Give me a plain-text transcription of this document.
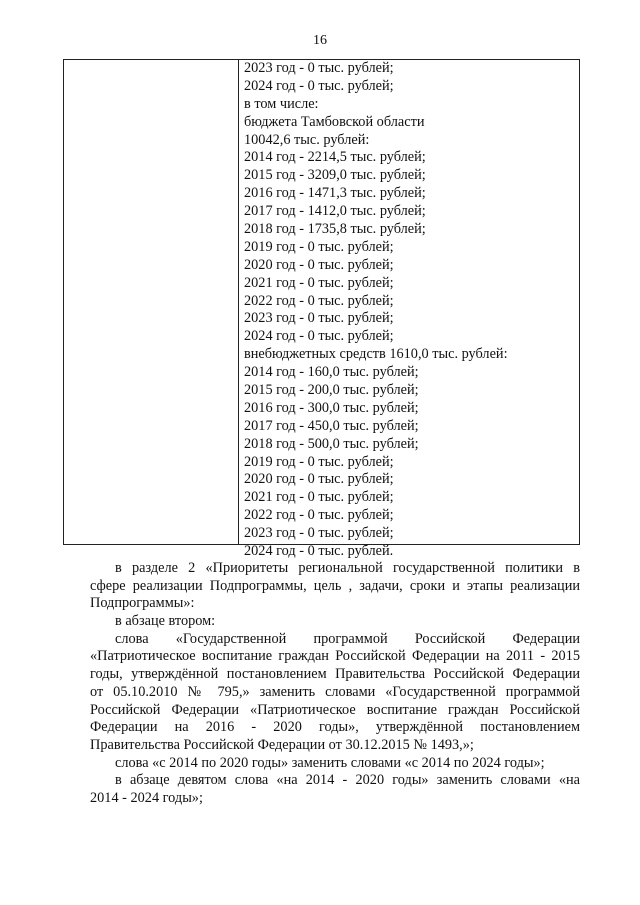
16
2023 год - 0 тыс. рублей;
2024 год - 0 тыс. рублей;
в том числе:
бюджета Тамбовской области
10042,6 тыс. рублей:
2014 год - 2214,5 тыс. рублей;
2015 год - 3209,0 тыс. рублей;
2016 год - 1471,3 тыс. рублей;
2017 год - 1412,0 тыс. рублей;
2018 год - 1735,8 тыс. рублей;
2019 год - 0 тыс. рублей;
2020 год - 0 тыс. рублей;
2021 год - 0 тыс. рублей;
2022 год - 0 тыс. рублей;
2023 год - 0 тыс. рублей;
2024 год - 0 тыс. рублей;
внебюджетных средств 1610,0 тыс. рублей:
2014 год - 160,0 тыс. рублей;
2015 год - 200,0 тыс. рублей;
2016 год - 300,0 тыс. рублей;
2017 год - 450,0 тыс. рублей;
2018 год - 500,0 тыс. рублей;
2019 год - 0 тыс. рублей;
2020 год - 0 тыс. рублей;
2021 год - 0 тыс. рублей;
2022 год - 0 тыс. рублей;
2023 год - 0 тыс. рублей;
2024 год - 0 тыс. рублей.
в разделе 2 «Приоритеты региональной государственной политики в
сфере реализации Подпрограммы, цель , задачи, сроки и этапы реализации
Подпрограммы»:
в абзаце втором:
слова «Государственной программой Российской Федерации
«Патриотическое воспитание граждан Российской Федерации на 2011 - 2015
годы, утверждённой постановлением Правительства Российской Федерации
от 05.10.2010 № 795,» заменить словами «Государственной программой
Российской Федерации «Патриотическое воспитание граждан Российской
Федерации на 2016 - 2020 годы», утверждённой постановлением
Правительства Российской Федерации от 30.12.2015 № 1493,»;
слова «с 2014 по 2020 годы» заменить словами «с 2014 по 2024 годы»;
в абзаце девятом слова «на 2014 - 2020 годы» заменить словами «на
2014 - 2024 годы»;
